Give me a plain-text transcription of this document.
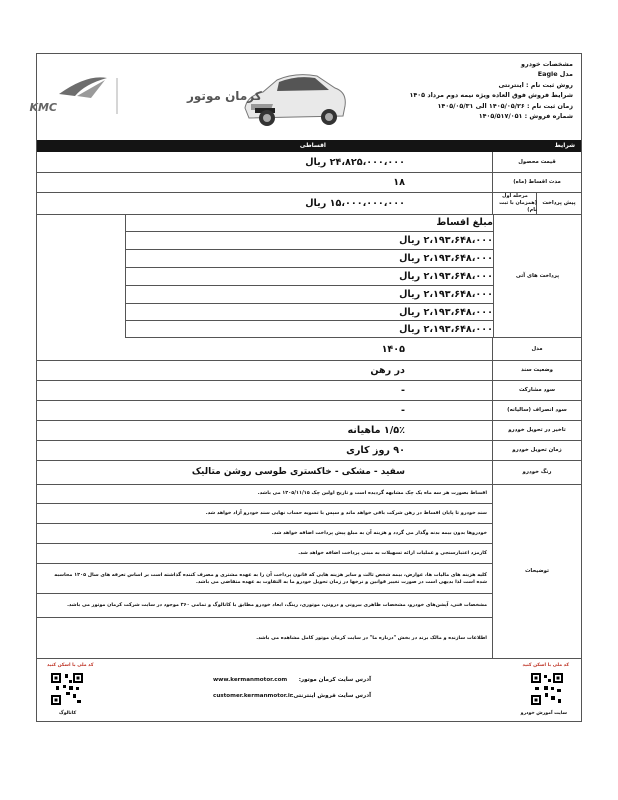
مشخصات خودرو
مدل Eagle
روش ثبت نام : اینترنتی
شرایط فروش فوق العاده ویژه نیمه دوم مرداد ۱۴۰۵
زمان ثبت نام : ۱۴۰۵/۰۵/۲۶ الی ۱۴۰۵/۰۵/۳۱
شماره فروش : ۱۴۰۵/۵۱۷/۰۵۱
KMC
کرمان موتور
شرایط
اقساطی
قیمت محصول
۲۴،۸۲۵،۰۰۰،۰۰۰ ریال
مدت اقساط (ماه)
۱۸
پیش پرداخت
مرحله اول
(همزمان با ثبت نام)
۱۵،۰۰۰،۰۰۰،۰۰۰ ریال
پرداخت های آتی
مبلغ اقساط
۲،۱۹۳،۶۴۸،۰۰۰ ریال
۲،۱۹۳،۶۴۸،۰۰۰ ریال
۲،۱۹۳،۶۴۸،۰۰۰ ریال
۲،۱۹۳،۶۴۸،۰۰۰ ریال
۲،۱۹۳،۶۴۸،۰۰۰ ریال
۲،۱۹۳،۶۴۸،۰۰۰ ریال
مدل
۱۴۰۵
وضعیت سند
در رهن
سود مشارکت
-
سود انصراف (سالیانه)
-
تاخیر در تحویل خودرو
۱/۵٪ ماهیانه
زمان تحویل خودرو
۹۰ روز کاری
رنگ خودرو
سفید - مشکی - خاکستری طوسی روشن متالیک
توضیحات
اقساط بصورت هر سه ماه یک چک مشابهه گردیده است و تاریخ اولین چک ۱۴۰۵/۱۱/۱۵ می باشد.
سند خودرو تا پایان اقساط در رهن شرکت باقی خواهد ماند و سپس با تسویه حساب نهایی سند خودرو آزاد خواهد شد.
خودروها بدون بیمه بدنه وگذار می گردد و هزینه آن به مبلغ پیش پرداخت اضافه خواهد شد.
کارمزد اعتبارسنجی و عملیات ارائه تسهیلات به مبنی پرداخت اضافه خواهد شد.
کلیه هزینه های مالیات ها، عوارض، بیمه شخص ثالث و سایر هزینه هایی که قانون پرداخت آن را به عهده مشتری و مصرف کننده گذاشته است بر اساس تعرفه های سال ۱۴۰۵ محاسبه شده است لذا بدیهی است در صورت تغییر قوانین و نرخها در زمان تحویل خودرو ما به التفاوت به عهده متقاضی می باشد.
مشخصات فنی، آپشن‌های خودرو، مشخصات ظاهری بیرونی و درونی، موتوری، رینگ، ابعاد خودرو مطابق با کاتالوگ و تمامی ۳۶۰ موجود در سایت شرکت کرمان موتور می باشد.
اطلاعات سازنده و مالک برند در بخش "درباره ما" در سایت کرمان موتور کامل مشاهده می باشد.
کد ملی با اسکن کنید
سایت آموزش خودرو
آدرس سایت کرمان موتور:
www.kermanmotor.com
آدرس سایت فروش اینترنتی:
customer.kermanmotor.ir
کد ملی با اسکن کنید
کاتالوگ
